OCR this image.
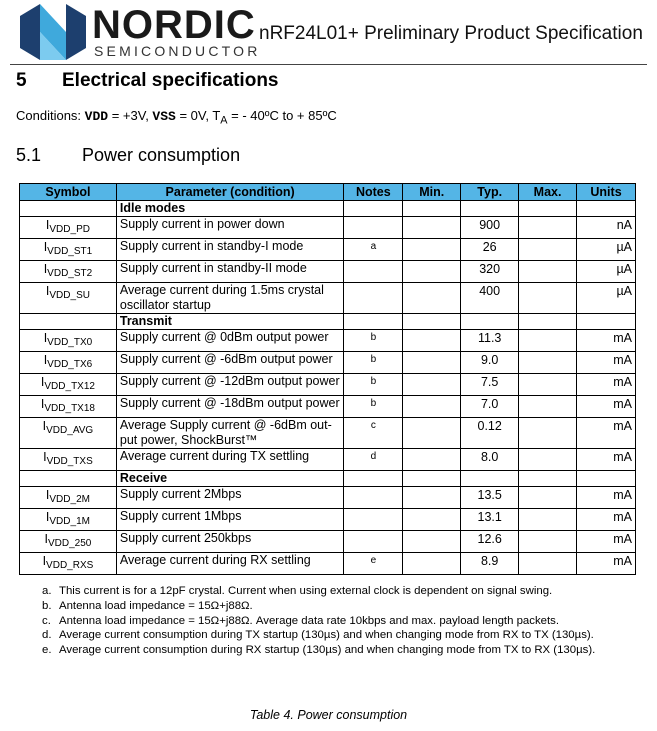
NORDIC
SEMICONDUCTOR
nRF24L01+ Preliminary Product Specification
5 Electrical specifications
Conditions: VDD = +3V, VSS = 0V, $T_A$ = - 40ºC to + 85ºC
5.1 Power consumption
Symbol	Parameter (condition)	Notes	Min.	Typ.	Max.	Units
	Idle modes					
$I_{VDD\_PD}$	Supply current in power down			900		nA
$I_{VDD\_ST1}$	Supply current in standby-I mode	a		26		µA
$I_{VDD\_ST2}$	Supply current in standby-II mode			320		µA
$I_{VDD\_SU}$	Average current during 1.5ms crystal oscillator startup			400		µA
	Transmit					
$I_{VDD\_TX0}$	Supply current @ 0dBm output power	b		11.3		mA
$I_{VDD\_TX6}$	Supply current @ -6dBm output power	b		9.0		mA
$I_{VDD\_TX12}$	Supply current @ -12dBm output power	b		7.5		mA
$I_{VDD\_TX18}$	Supply current @ -18dBm output power	b		7.0		mA
$I_{VDD\_AVG}$	Average Supply current @ -6dBm out-put power, ShockBurst™	c		0.12		mA
$I_{VDD\_TXS}$	Average current during TX settling	d		8.0		mA
	Receive					
$I_{VDD\_2M}$	Supply current 2Mbps			13.5		mA
$I_{VDD\_1M}$	Supply current 1Mbps			13.1		mA
$I_{VDD\_250}$	Supply current 250kbps			12.6		mA
$I_{VDD\_RXS}$	Average current during RX settling	e		8.9		mA
a. This current is for a 12pF crystal. Current when using external clock is dependent on signal swing.
b. Antenna load impedance = 15Ω+j88Ω.
c. Antenna load impedance = 15Ω+j88Ω. Average data rate 10kbps and max. payload length packets.
d. Average current consumption during TX startup (130µs) and when changing mode from RX to TX (130µs).
e. Average current consumption during RX startup (130µs) and when changing mode from TX to RX (130µs).
Table 4. Power consumption
